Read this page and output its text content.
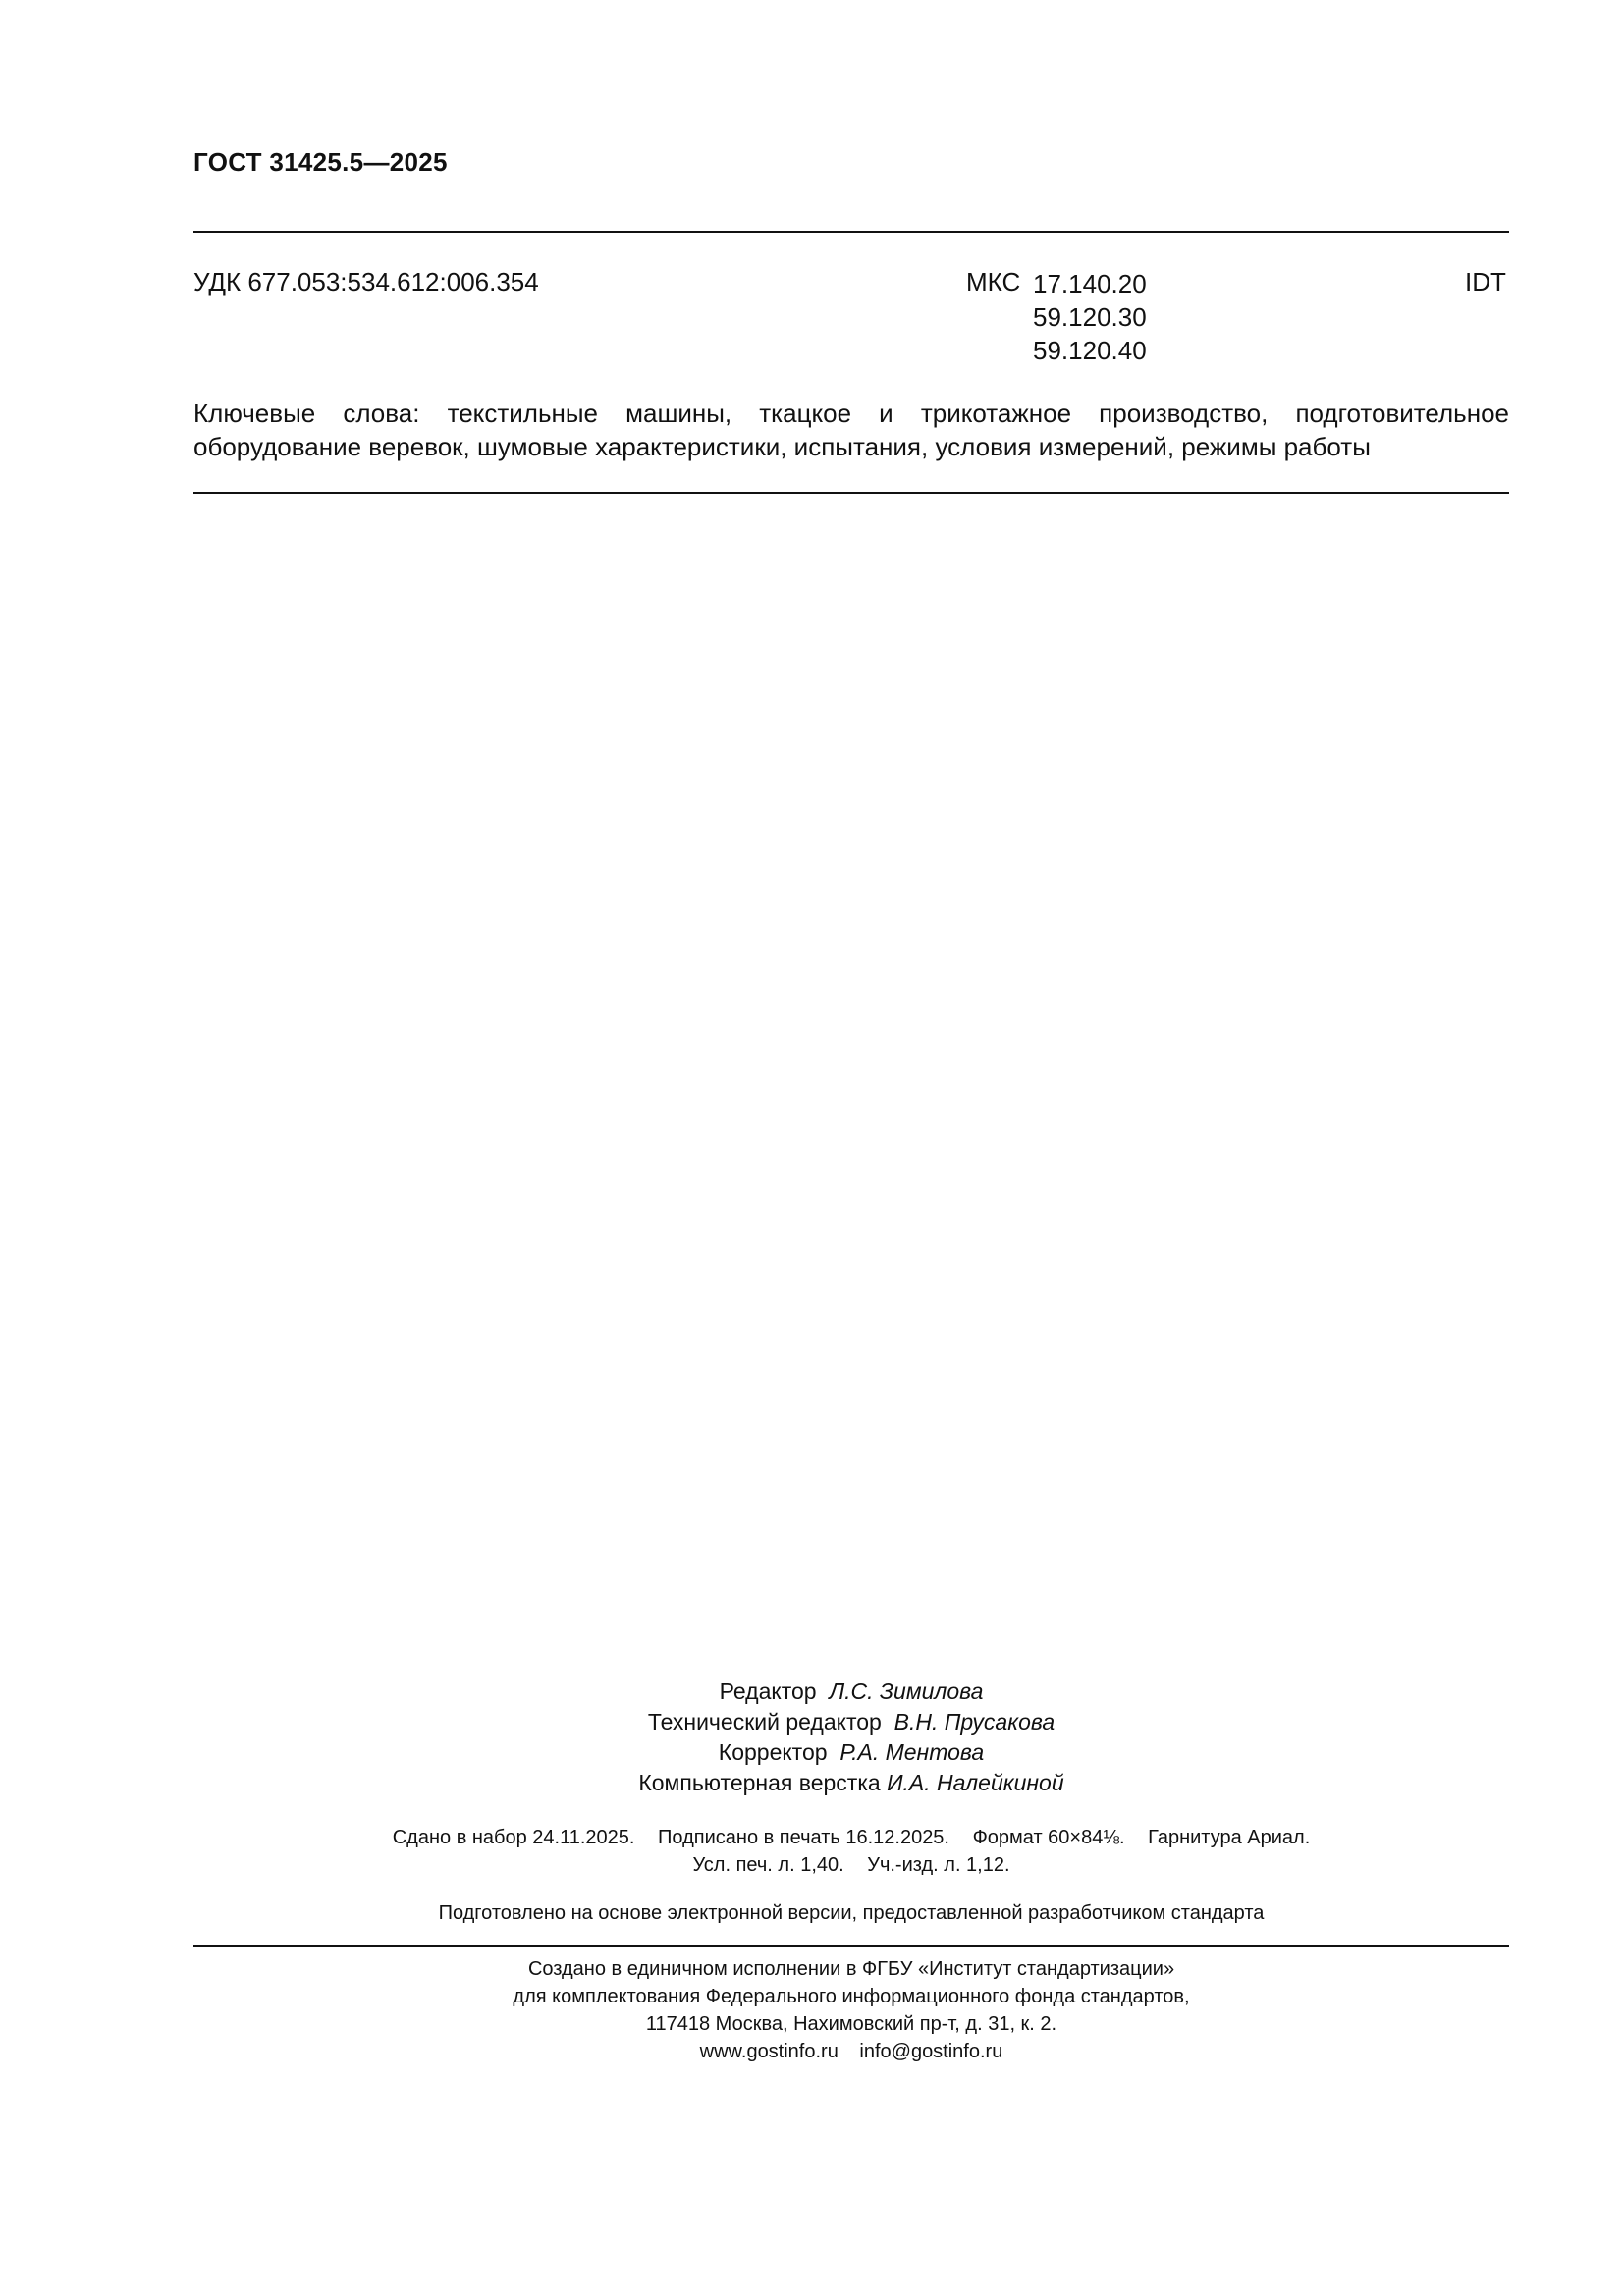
ГОСТ 31425.5—2025
УДК 677.053:534.612:006.354	МКС 17.140.20
59.120.30
59.120.40
IDT
Ключевые слова: текстильные машины, ткацкое и трикотажное производство, подготовительное
оборудование веревок, шумовые характеристики, испытания, условия измерений, режимы работы
Редактор Л.С. Зимилова
Технический редактор В.Н. Прусакова
Корректор Р.А. Ментова
Компьютерная верстка И.А. Налейкиной
Сдано в набор 24.11.2025. Подписано в печать 16.12.2025. Формат 60×84⅛. Гарнитура Ариал.
Усл. печ. л. 1,40. Уч.-изд. л. 1,12.
Подготовлено на основе электронной версии, предоставленной разработчиком стандарта
Создано в единичном исполнении в ФГБУ «Институт стандартизации»
для комплектования Федерального информационного фонда стандартов,
117418 Москва, Нахимовский пр-т, д. 31, к. 2.
www.gostinfo.ru info@gostinfo.ru
